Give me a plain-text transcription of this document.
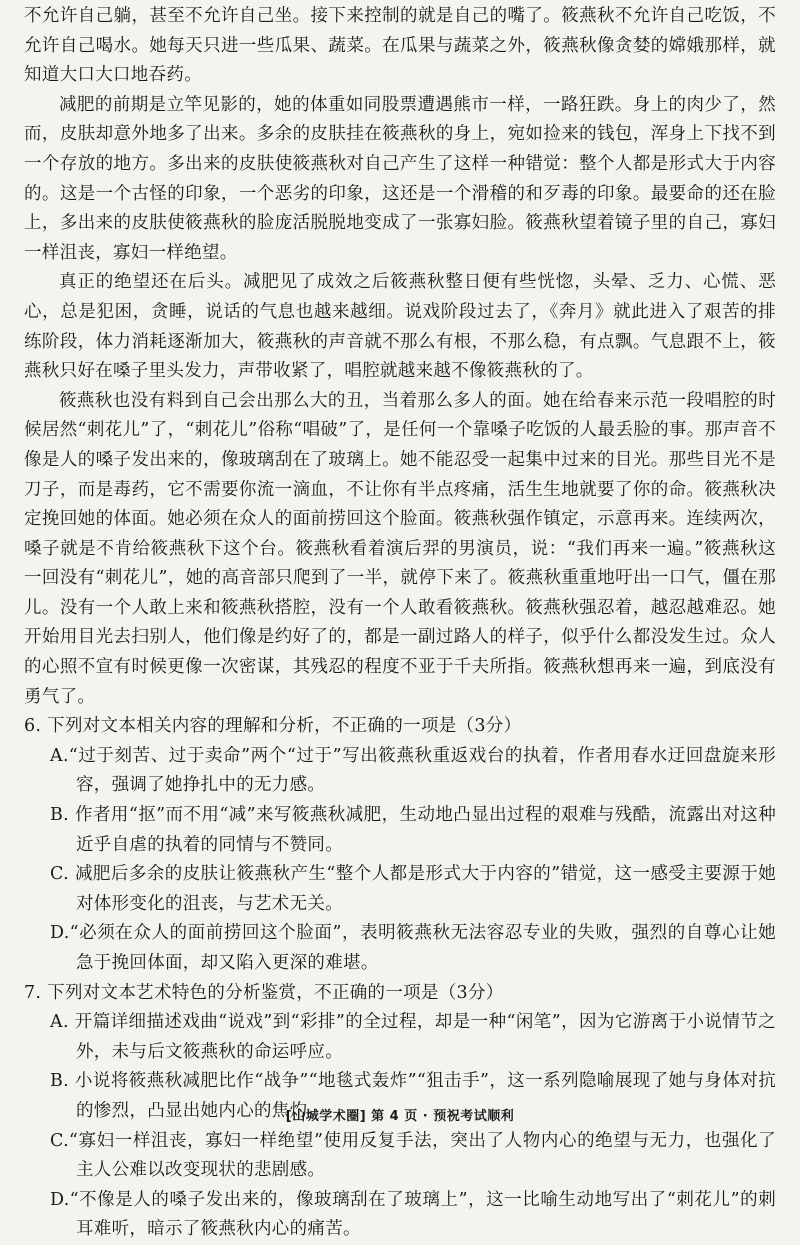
不允许自己躺，甚至不允许自己坐。接下来控制的就是自己的嘴了。筱燕秋不允许自己吃饭，不允许自己喝水。她每天只进一些瓜果、蔬菜。在瓜果与蔬菜之外，筱燕秋像贪婪的嫦娥那样，就知道大口大口地吞药。

减肥的前期是立竿见影的，她的体重如同股票遭遇熊市一样，一路狂跌。身上的肉少了，然而，皮肤却意外地多了出来。多余的皮肤挂在筱燕秋的身上，宛如捡来的钱包，浑身上下找不到一个存放的地方。多出来的皮肤使筱燕秋对自己产生了这样一种错觉：整个人都是形式大于内容的。这是一个古怪的印象，一个恶劣的印象，这还是一个滑稽的和歹毒的印象。最要命的还在脸上，多出来的皮肤使筱燕秋的脸庞活脱脱地变成了一张寡妇脸。筱燕秋望着镜子里的自己，寡妇一样沮丧，寡妇一样绝望。

真正的绝望还在后头。减肥见了成效之后筱燕秋整日便有些恍惚，头晕、乏力、心慌、恶心，总是犯困，贪睡，说话的气息也越来越细。说戏阶段过去了，《奔月》就此进入了艰苦的排练阶段，体力消耗逐渐加大，筱燕秋的声音就不那么有根，不那么稳，有点飘。气息跟不上，筱燕秋只好在嗓子里头发力，声带收紧了，唱腔就越来越不像筱燕秋的了。

筱燕秋也没有料到自己会出那么大的丑，当着那么多人的面。她在给春来示范一段唱腔的时候居然“刺花儿”了，“刺花儿”俗称“唱破”了，是任何一个靠嗓子吃饭的人最丢脸的事。那声音不像是人的嗓子发出来的，像玻璃刮在了玻璃上。她不能忍受一起集中过来的目光。那些目光不是刀子，而是毒药，它不需要你流一滴血，不让你有半点疼痛，活生生地就要了你的命。筱燕秋决定挽回她的体面。她必须在众人的面前捞回这个脸面。筱燕秋强作镇定，示意再来。连续两次，嗓子就是不肯给筱燕秋下这个台。筱燕秋看着演后羿的男演员，说：“我们再来一遍。”筱燕秋这一回没有“刺花儿”，她的高音部只爬到了一半，就停下来了。筱燕秋重重地吁出一口气，僵在那儿。没有一个人敢上来和筱燕秋搭腔，没有一个人敢看筱燕秋。筱燕秋强忍着，越忍越难忍。她开始用目光去扫别人，他们像是约好了的，都是一副过路人的样子，似乎什么都没发生过。众人的心照不宣有时候更像一次密谋，其残忍的程度不亚于千夫所指。筱燕秋想再来一遍，到底没有勇气了。

6. 下列对文本相关内容的理解和分析，不正确的一项是（3分）

A.“过于刻苦、过于卖命”两个“过于”写出筱燕秋重返戏台的执着，作者用春水迂回盘旋来形容，强调了她挣扎中的无力感。

B. 作者用“抠”而不用“减”来写筱燕秋减肥，生动地凸显出过程的艰难与残酷，流露出对这种近乎自虐的执着的同情与不赞同。

C. 减肥后多余的皮肤让筱燕秋产生“整个人都是形式大于内容的”错觉，这一感受主要源于她对体形变化的沮丧，与艺术无关。

D.“必须在众人的面前捞回这个脸面”，表明筱燕秋无法容忍专业的失败，强烈的自尊心让她急于挽回体面，却又陷入更深的难堪。

7. 下列对文本艺术特色的分析鉴赏，不正确的一项是（3分）

A. 开篇详细描述戏曲“说戏”到“彩排”的全过程，却是一种“闲笔”，因为它游离于小说情节之外，未与后文筱燕秋的命运呼应。

B. 小说将筱燕秋减肥比作“战争”“地毯式轰炸”“狙击手”，这一系列隐喻展现了她与身体对抗的惨烈，凸显出她内心的焦灼。

C.“寡妇一样沮丧，寡妇一样绝望”使用反复手法，突出了人物内心的绝望与无力，也强化了主人公难以改变现状的悲剧感。

D.“不像是人的嗓子发出来的，像玻璃刮在了玻璃上”，这一比喻生动地写出了“刺花儿”的刺耳难听，暗示了筱燕秋内心的痛苦。

[山城学术圈] 第 4 页 · 预祝考试顺利
